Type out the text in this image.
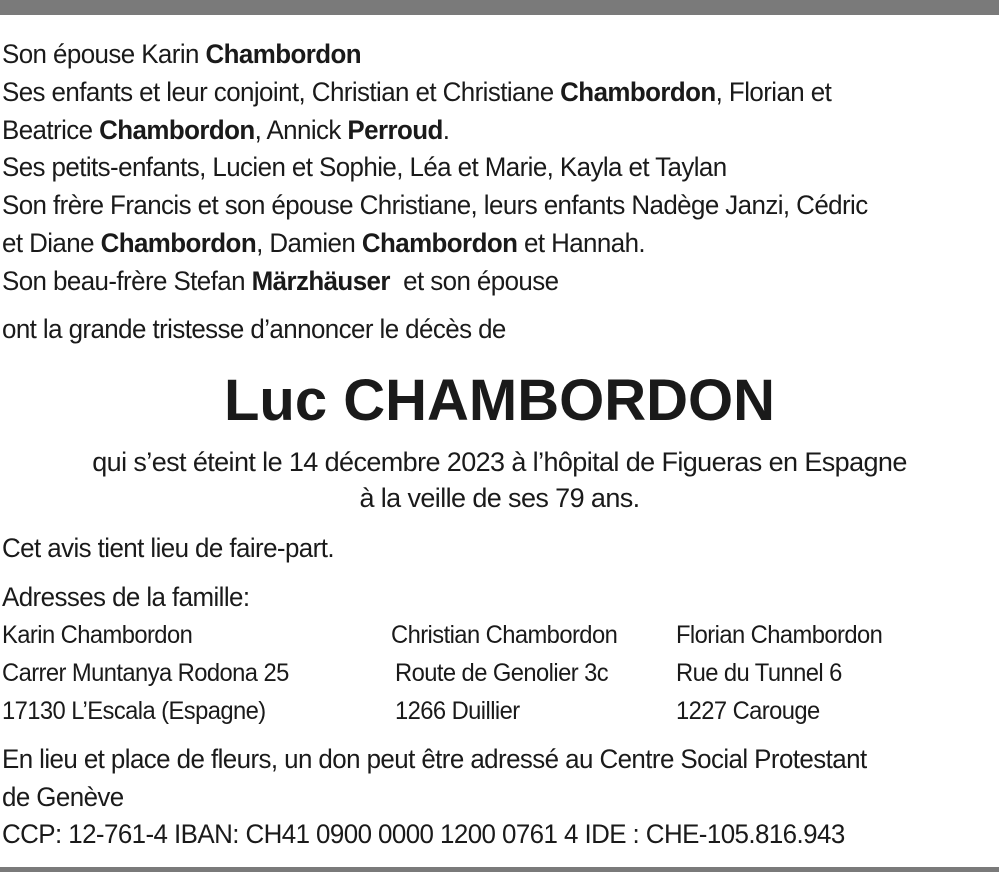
Son épouse Karin Chambordon

Ses enfants et leur conjoint, Christian et Christiane Chambordon, Florian et

Beatrice Chambordon, Annick Perroud.

Ses petits-enfants, Lucien et Sophie, Léa et Marie, Kayla et Taylan

Son frère Francis et son épouse Christiane, leurs enfants Nadège Janzi, Cédric

et Diane Chambordon, Damien Chambordon et Hannah.

Son beau-frère Stefan Märzhäuser  et son épouse

ont la grande tristesse d’annoncer le décès de

Luc CHAMBORDON

qui s’est éteint le 14 décembre 2023 à l’hôpital de Figueras en Espagne

à la veille de ses 79 ans.

Cet avis tient lieu de faire-part.

Adresses de la famille:

Karin Chambordon

Carrer Muntanya Rodona 25

17130 L’Escala (Espagne)

Christian Chambordon

Route de Genolier 3c

1266 Duillier

Florian Chambordon

Rue du Tunnel 6

1227 Carouge

En lieu et place de fleurs, un don peut être adressé au Centre Social Protestant

de Genève

CCP: 12-761-4 IBAN: CH41 0900 0000 1200 0761 4 IDE : CHE-105.816.943
